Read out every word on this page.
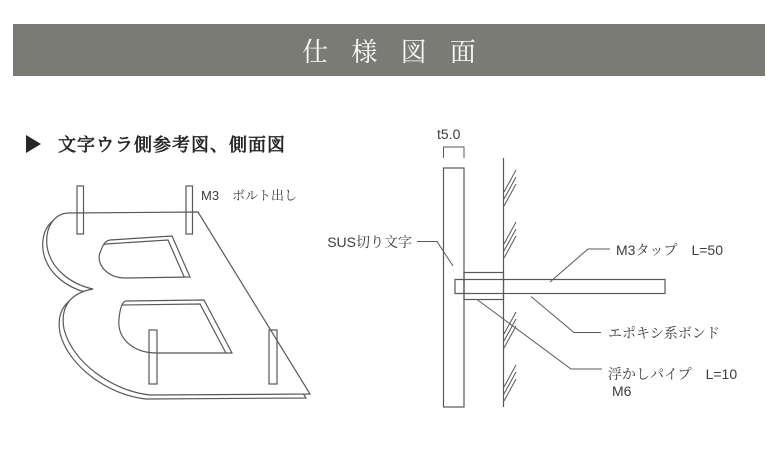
仕 様 図 面
文字ウラ側参考図、側面図
M3　ボルト出し
t5.0
SUS切り文字	M3タップ　L=50
エポキシ系ボンド
浮かしパイプ　L=10
M6
